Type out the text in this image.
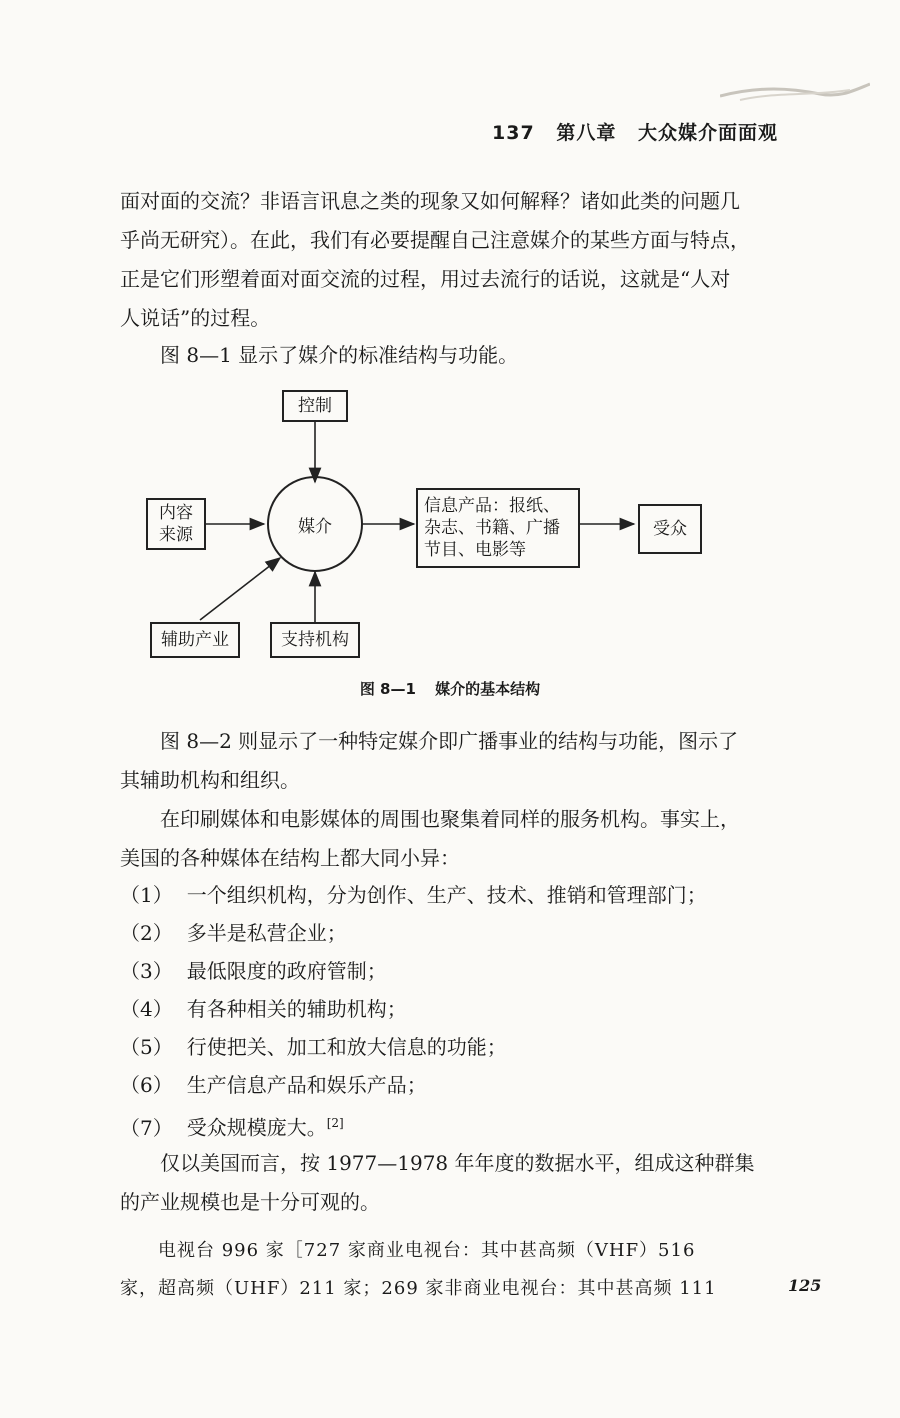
137 第八章 大众媒介面面观

面对面的交流？非语言讯息之类的现象又如何解释？诸如此类的问题几
乎尚无研究）。在此，我们有必要提醒自己注意媒介的某些方面与特点，
正是它们形塑着面对面交流的过程，用过去流行的话说，这就是“人对
人说话”的过程。

　　图 8—1 显示了媒介的标准结构与功能。

控制
内容
来源	媒介
信息产品：报纸、
杂志、书籍、广播
节目、电影等
受众
辅助产业	支持机构
图 8—1 媒介的基本结构

　　图 8—2 则显示了一种特定媒介即广播事业的结构与功能，图示了
其辅助机构和组织。

　　在印刷媒体和电影媒体的周围也聚集着同样的服务机构。事实上，
美国的各种媒体在结构上都大同小异：

（1） 一个组织机构，分为创作、生产、技术、推销和管理部门；
（2） 多半是私营企业；
（3） 最低限度的政府管制；
（4） 有各种相关的辅助机构；
（5） 行使把关、加工和放大信息的功能；
（6） 生产信息产品和娱乐产品；
（7） 受众规模庞大。[2]

　　仅以美国而言，按 1977—1978 年年度的数据水平，组成这种群集
的产业规模也是十分可观的。

　　电视台 996 家［727 家商业电视台：其中甚高频（VHF）516
家，超高频（UHF）211 家；269 家非商业电视台：其中甚高频 111	125
